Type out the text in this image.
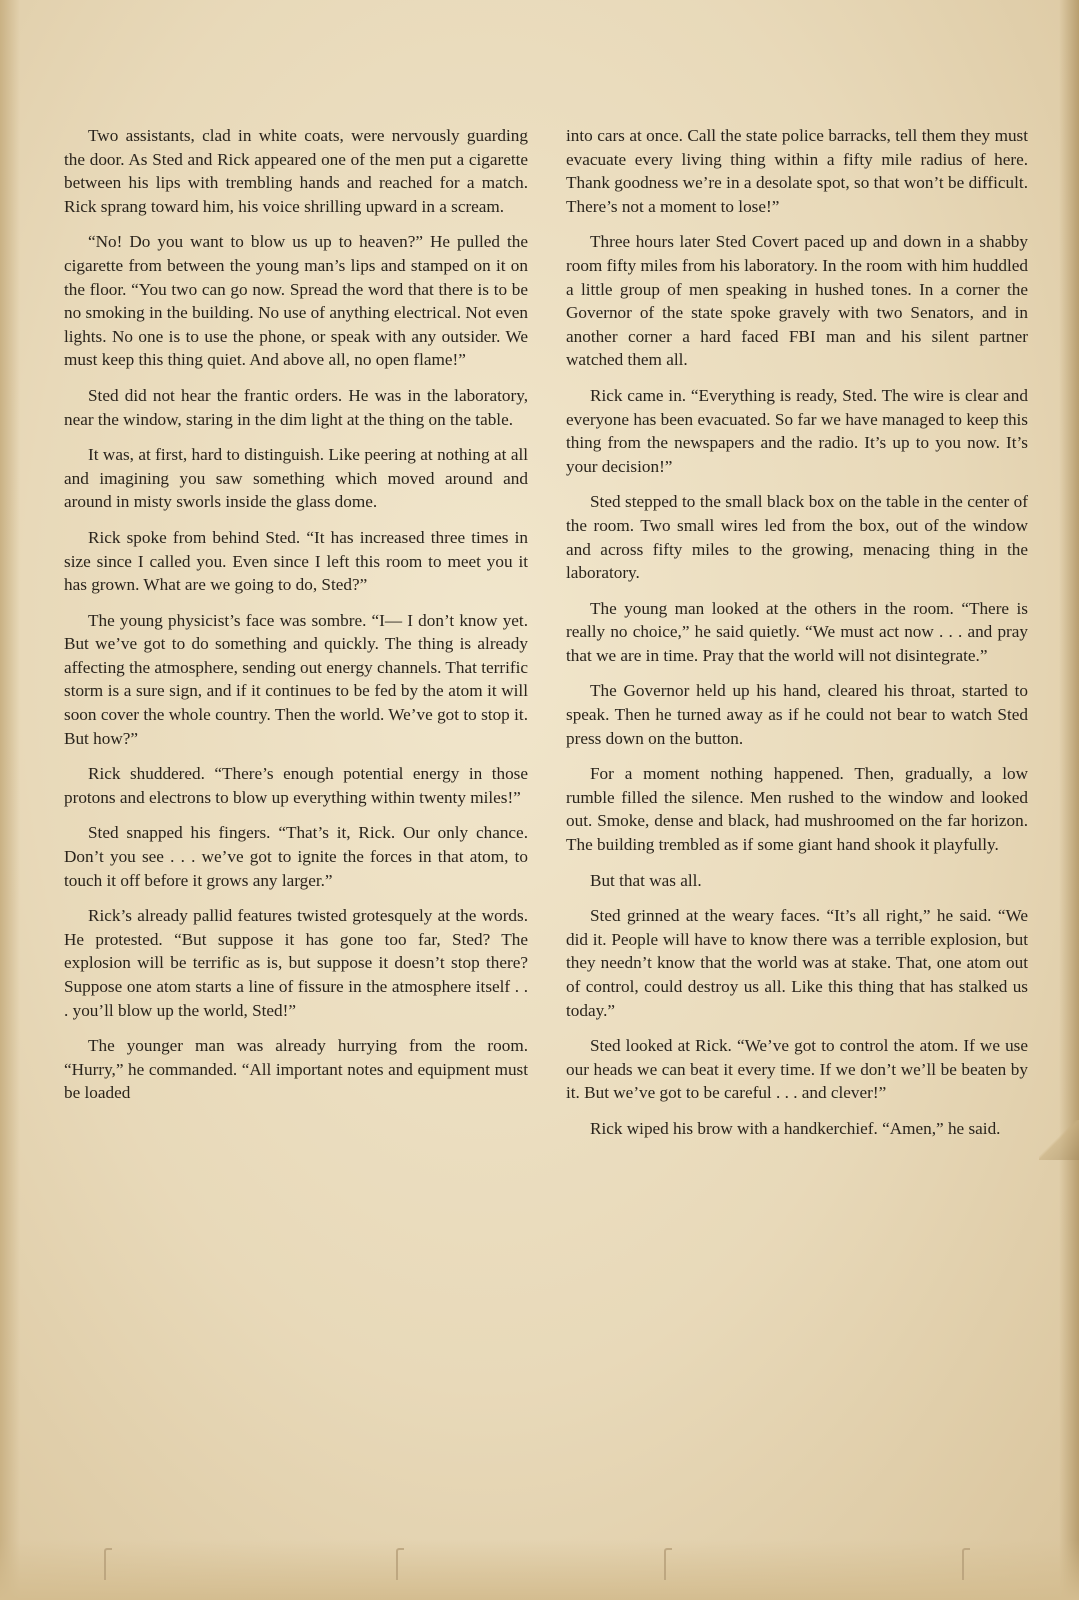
Two assistants, clad in white coats, were nervously guarding the door. As Sted and Rick appeared one of the men put a cigarette between his lips with trembling hands and reached for a match. Rick sprang toward him, his voice shrilling upward in a scream.

“No! Do you want to blow us up to heaven?” He pulled the cigarette from between the young man’s lips and stamped on it on the floor. “You two can go now. Spread the word that there is to be no smoking in the building. No use of anything electrical. Not even lights. No one is to use the phone, or speak with any outsider. We must keep this thing quiet. And above all, no open flame!”

Sted did not hear the frantic orders. He was in the laboratory, near the window, staring in the dim light at the thing on the table.

It was, at first, hard to distinguish. Like peering at nothing at all and imagining you saw something which moved around and around in misty sworls inside the glass dome.

Rick spoke from behind Sted. “It has increased three times in size since I called you. Even since I left this room to meet you it has grown. What are we going to do, Sted?”

The young physicist’s face was sombre. “I— I don’t know yet. But we’ve got to do something and quickly. The thing is already affecting the atmosphere, sending out energy channels. That terrific storm is a sure sign, and if it continues to be fed by the atom it will soon cover the whole country. Then the world. We’ve got to stop it. But how?”

Rick shuddered. “There’s enough potential energy in those protons and electrons to blow up everything within twenty miles!”

Sted snapped his fingers. “That’s it, Rick. Our only chance. Don’t you see . . . we’ve got to ignite the forces in that atom, to touch it off before it grows any larger.”

Rick’s already pallid features twisted grotesquely at the words. He protested. “But suppose it has gone too far, Sted? The explosion will be terrific as is, but suppose it doesn’t stop there? Suppose one atom starts a line of fissure in the atmosphere itself . . . you’ll blow up the world, Sted!”

The younger man was already hurrying from the room. “Hurry,” he commanded. “All important notes and equipment must be loaded

into cars at once. Call the state police barracks, tell them they must evacuate every living thing within a fifty mile radius of here. Thank goodness we’re in a desolate spot, so that won’t be difficult. There’s not a moment to lose!”

Three hours later Sted Covert paced up and down in a shabby room fifty miles from his laboratory. In the room with him huddled a little group of men speaking in hushed tones. In a corner the Governor of the state spoke gravely with two Senators, and in another corner a hard faced FBI man and his silent partner watched them all.

Rick came in. “Everything is ready, Sted. The wire is clear and everyone has been evacuated. So far we have managed to keep this thing from the newspapers and the radio. It’s up to you now. It’s your decision!”

Sted stepped to the small black box on the table in the center of the room. Two small wires led from the box, out of the window and across fifty miles to the growing, menacing thing in the laboratory.

The young man looked at the others in the room. “There is really no choice,” he said quietly. “We must act now . . . and pray that we are in time. Pray that the world will not disintegrate.”

The Governor held up his hand, cleared his throat, started to speak. Then he turned away as if he could not bear to watch Sted press down on the button.

For a moment nothing happened. Then, gradually, a low rumble filled the silence. Men rushed to the window and looked out. Smoke, dense and black, had mushroomed on the far horizon. The building trembled as if some giant hand shook it playfully.

But that was all.

Sted grinned at the weary faces. “It’s all right,” he said. “We did it. People will have to know there was a terrible explosion, but they needn’t know that the world was at stake. That, one atom out of control, could destroy us all. Like this thing that has stalked us today.”

Sted looked at Rick. “We’ve got to control the atom. If we use our heads we can beat it every time. If we don’t we’ll be beaten by it. But we’ve got to be careful . . . and clever!”

Rick wiped his brow with a handkerchief. “Amen,” he said.
